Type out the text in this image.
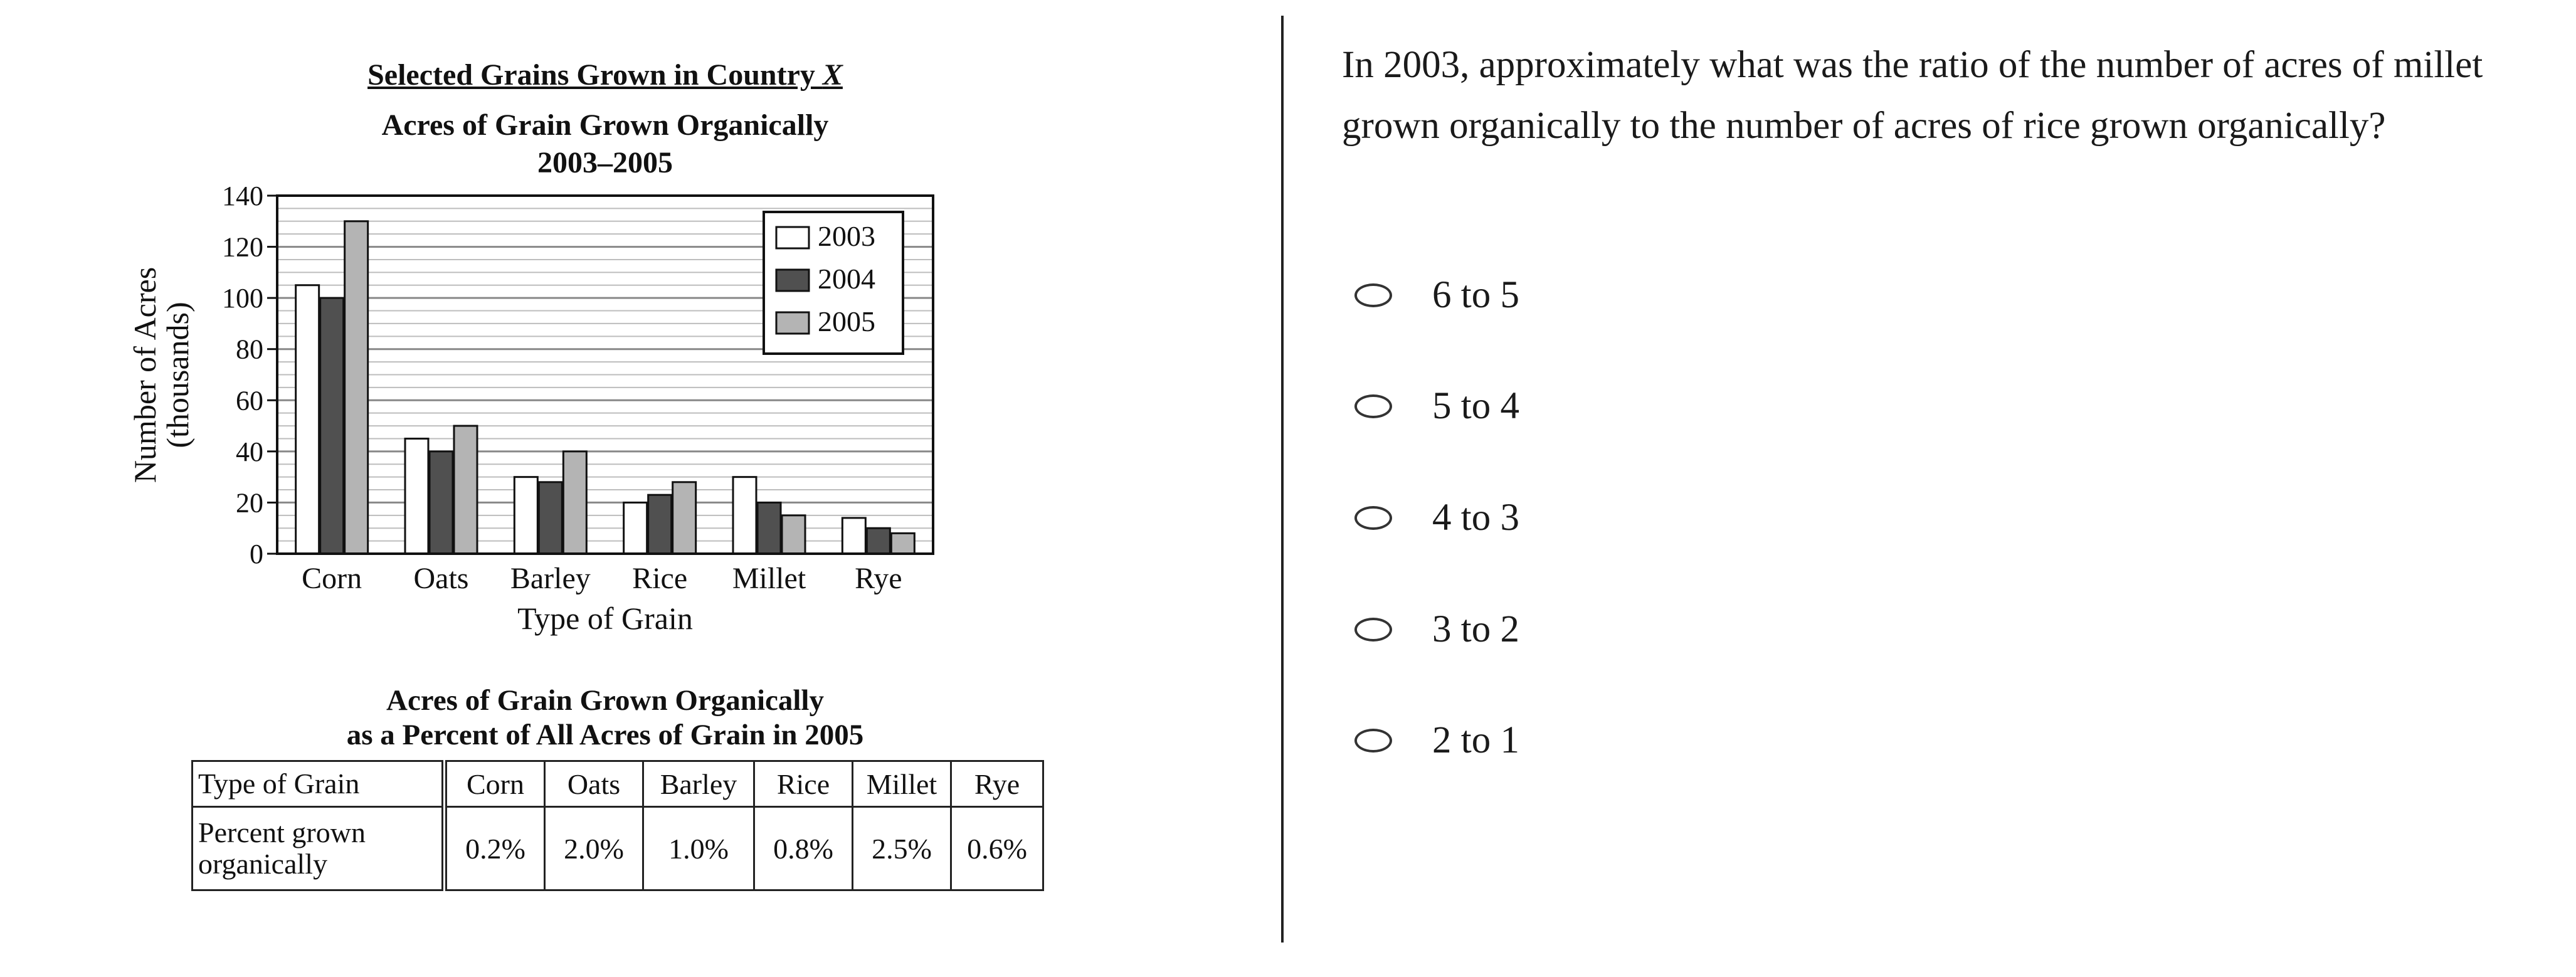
Selected Grains Grown in Country X
Acres of Grain Grown Organically
2003–2005
Corn Oats Barley Rice Millet Rye
0
20
40
60
80
100
120
140
2003
2004
2005
Number of Acres
(thousands)
Type of Grain
Acres of Grain Grown Organically
as a Percent of All Acres of Grain in 2005
Type of Grain	Corn	Oats	Barley	Rice	Millet	Rye
Percent grown organically	0.2%	2.0%	1.0%	0.8%	2.5%	0.6%
In 2003, approximately what was the ratio of the number of acres of millet grown organically to the number of acres of rice grown organically?
6 to 5
5 to 4
4 to 3
3 to 2
2 to 1
